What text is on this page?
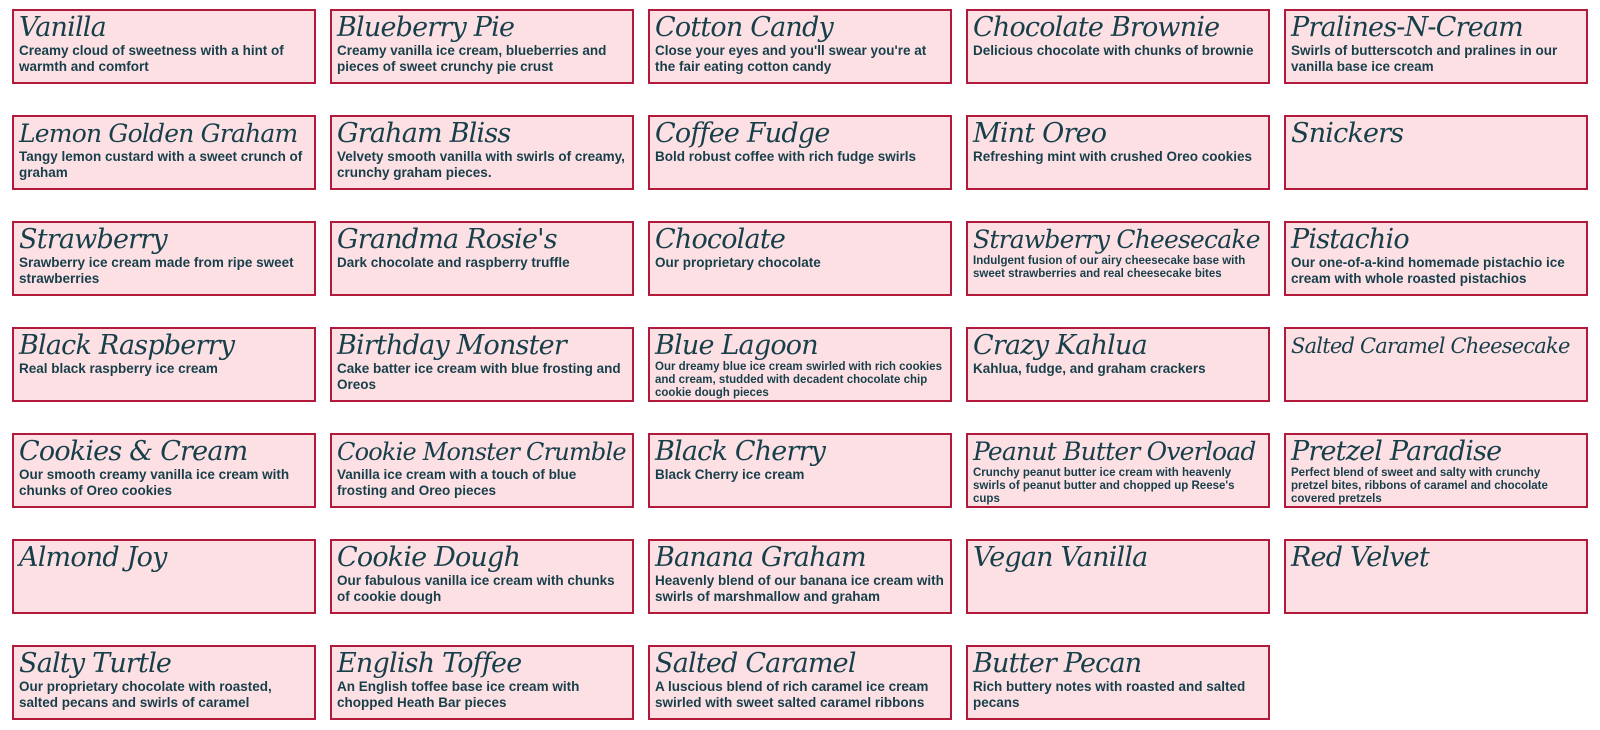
Vanilla
Creamy cloud of sweetness with a hint of warmth and comfort
Blueberry Pie
Creamy vanilla ice cream, blueberries and pieces of sweet crunchy pie crust
Cotton Candy
Close your eyes and you'll swear you're at the fair eating cotton candy
Chocolate Brownie
Delicious chocolate with chunks of brownie
Pralines-N-Cream
Swirls of butterscotch and pralines in our vanilla base ice cream
Lemon Golden Graham
Tangy lemon custard with a sweet crunch of graham
Graham Bliss
Velvety smooth vanilla with swirls of creamy, crunchy graham pieces.
Coffee Fudge
Bold robust coffee with rich fudge swirls
Mint Oreo
Refreshing mint with crushed Oreo cookies
Snickers
Strawberry
Srawberry ice cream made from ripe sweet strawberries
Grandma Rosie's
Dark chocolate and raspberry truffle
Chocolate
Our proprietary chocolate
Strawberry Cheesecake
Indulgent fusion of our airy cheesecake base with sweet strawberries and real cheesecake bites
Pistachio
Our one-of-a-kind homemade pistachio ice cream with whole roasted pistachios
Black Raspberry
Real black raspberry ice cream
Birthday Monster
Cake batter ice cream with blue frosting and Oreos
Blue Lagoon
Our dreamy blue ice cream swirled with rich cookies and cream, studded with decadent chocolate chip cookie dough pieces
Crazy Kahlua
Kahlua, fudge, and graham crackers
Salted Caramel Cheesecake
Cookies & Cream
Our smooth creamy vanilla ice cream with chunks of Oreo cookies
Cookie Monster Crumble
Vanilla ice cream with a touch of blue frosting and Oreo pieces
Black Cherry
Black Cherry ice cream
Peanut Butter Overload
Crunchy peanut butter ice cream with heavenly swirls of peanut butter and chopped up Reese's cups
Pretzel Paradise
Perfect blend of sweet and salty with crunchy pretzel bites, ribbons of caramel and chocolate covered pretzels
Almond Joy	Cookie Dough
Our fabulous vanilla ice cream with chunks of cookie dough
Banana Graham
Heavenly blend of our banana ice cream with swirls of marshmallow and graham
Vegan Vanilla	Red Velvet
Salty Turtle
Our proprietary chocolate with roasted, salted pecans and swirls of caramel
English Toffee
An English toffee base ice cream with chopped Heath Bar pieces
Salted Caramel
A luscious blend of rich caramel ice cream swirled with sweet salted caramel ribbons
Butter Pecan
Rich buttery notes with roasted and salted pecans
